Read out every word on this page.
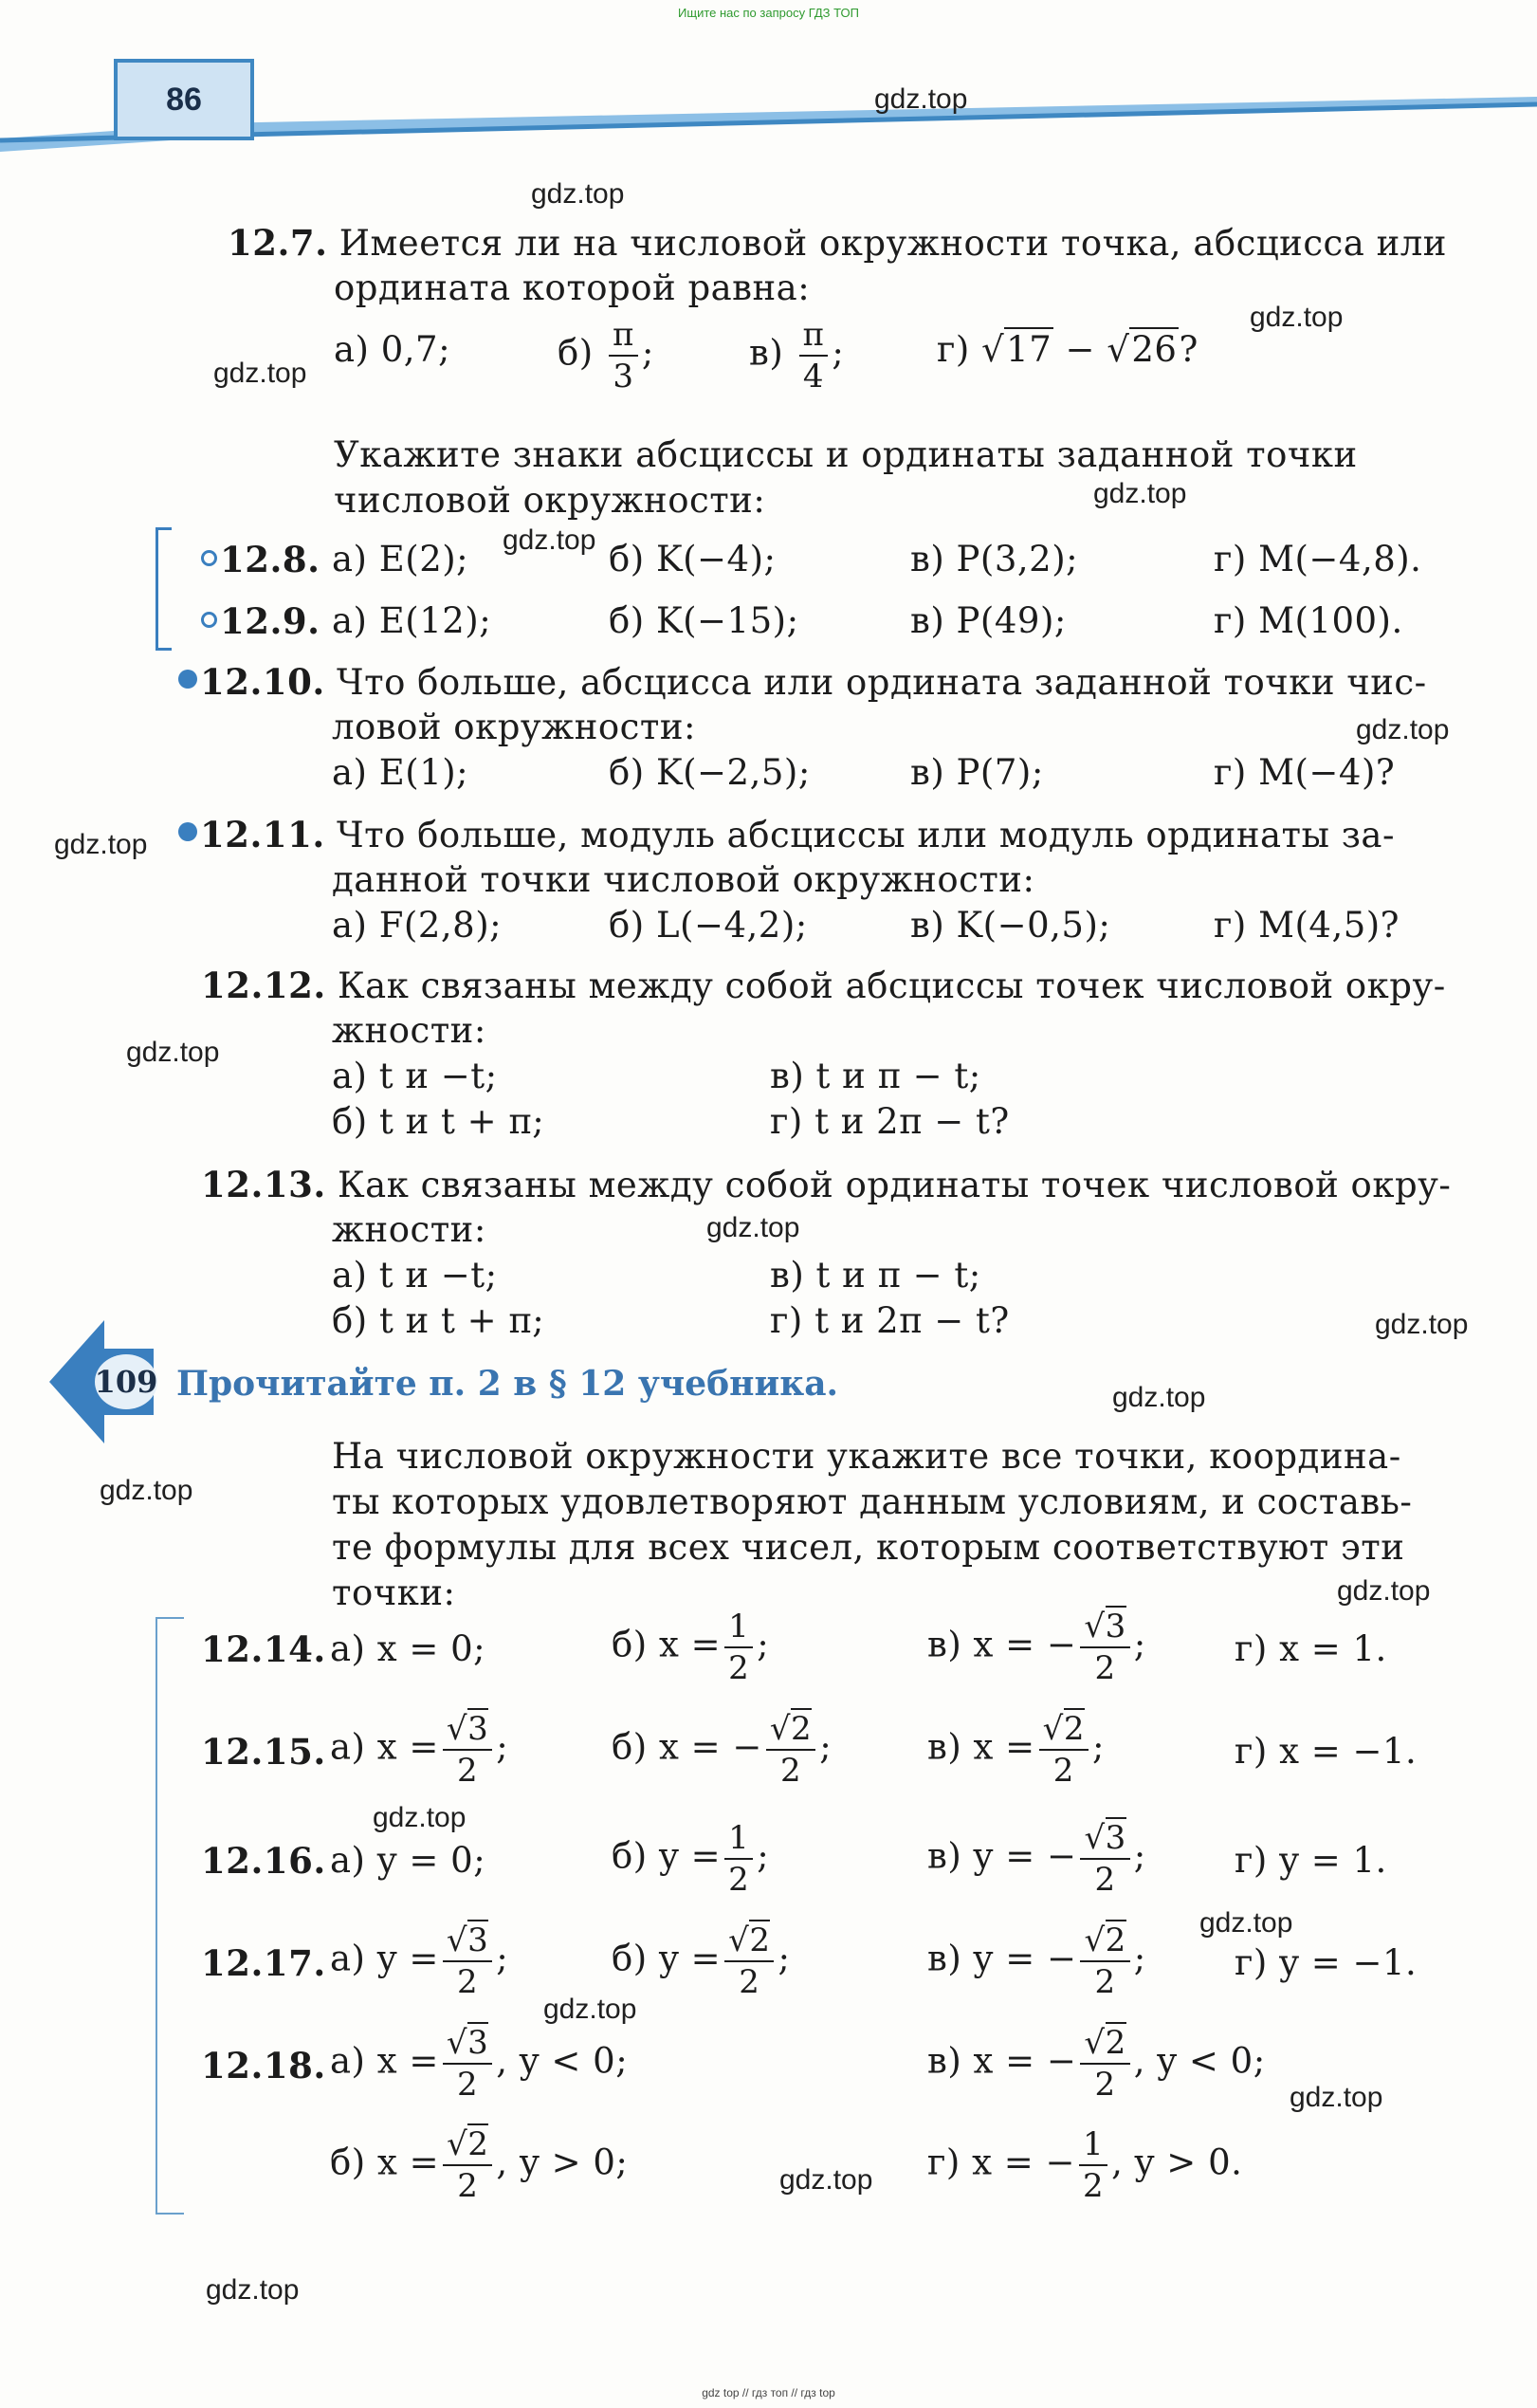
Ищите нас по запросу ГДЗ ТОП
gdz top // гдз топ // гдз top
86	gdz.top
gdz.top
gdz.top
gdz.top
gdz.top
gdz.top
gdz.top
gdz.top
gdz.top
gdz.top
gdz.top
gdz.top
gdz.top
gdz.top
gdz.top
gdz.top
gdz.top
gdz.top
gdz.top
gdz.top
12.7. Имеется ли на числовой окружности точка, абсцисса или
ордината которой равна:
а) 0,7;	$б) \frac{\pi}{3}$ ;	$в) \frac{\pi}{4}$ ;	г) √17 − √26?
Укажите знаки абсциссы и ординаты заданной точки
числовой окружности:
12.8. а) E(2);	б) K(−4);	в) P(3,2);	г) M(−4,8).
12.9. а) E(12);	б) K(−15);	в) P(49);	г) M(100).
12.10. Что больше, абсцисса или ордината заданной точки чис-
ловой окружности:
а) E(1);	б) K(−2,5);	в) P(7);	г) M(−4)?
12.11. Что больше, модуль абсциссы или модуль ординаты за-
данной точки числовой окружности:
а) F(2,8);	б) L(−4,2);	в) K(−0,5);	г) M(4,5)?
12.12. Как связаны между собой абсциссы точек числовой окру-
жности:
а) t и −t;	в) t и π − t;
б) t и t + π;	г) t и 2π − t?
12.13. Как связаны между собой ординаты точек числовой окру-
жности:
а) t и −t;	в) t и π − t;
б) t и t + π;	г) t и 2π − t?
109 Прочитайте п. 2 в § 12 учебника.
На числовой окружности укажите все точки, координа-
ты которых удовлетворяют данным условиям, и составь-
те формулы для всех чисел, которым соответствуют эти
точки:
12.14. а) x = 0;	б) $x = \frac{1}{2}$ ;	в) x = − $\frac{√3}{2}$ ;	г) x = 1.
12.15. а) $x = \frac{√3}{2}$ ;	б) x = − $\frac{√2}{2}$ ;	в) $x = \frac{√2}{2}$ ;	г) x = −1.
12.16. а) y = 0;	б) $y = \frac{1}{2}$ ;	в) y = − $\frac{√3}{2}$ ;	г) y = 1.
12.17. а) $y = \frac{√3}{2}$ ;	б) $y = \frac{√2}{2}$ ;	в) y = − $\frac{√2}{2}$ ;	г) y = −1.
12.18. а) $x = \frac{√3}{2}$ , y < 0;	в) x = − $\frac{√2}{2}$ , y < 0;
б) $x = \frac{√2}{2}$ , y > 0;	г) x = − $\frac{1}{2}$ , y > 0.
